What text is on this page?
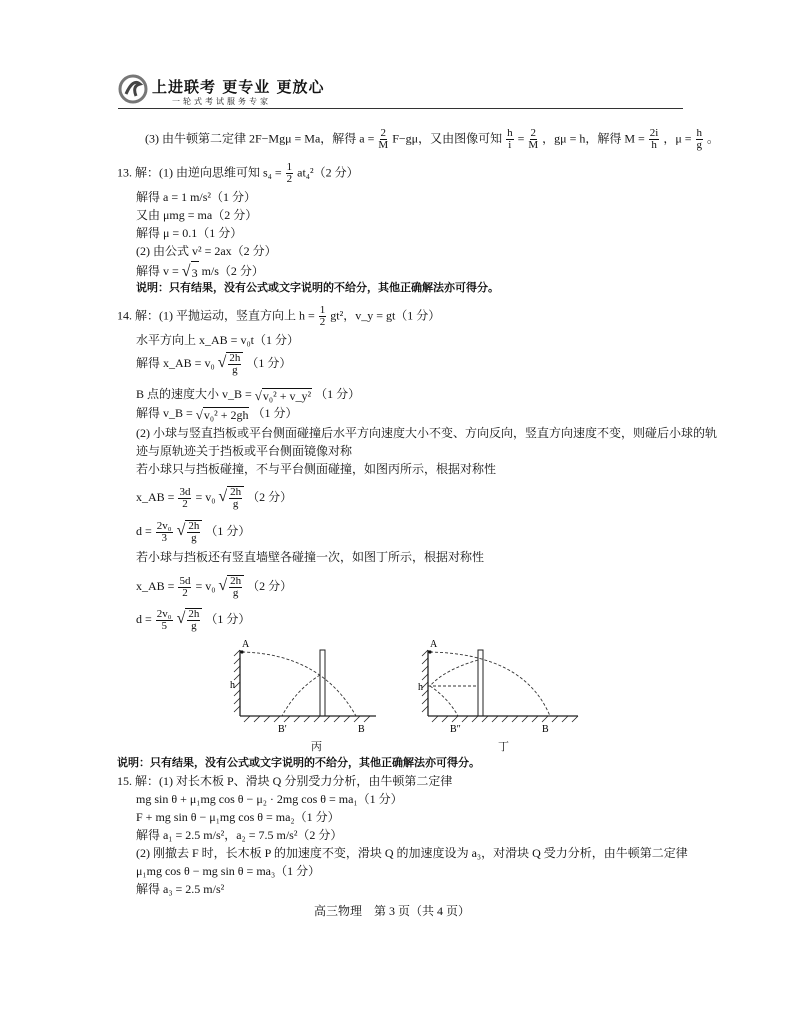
上进联考 更专业 更放心
一轮式考试服务专家
(3) 由牛顿第二定律 2F−Mgμ = Ma，解得 $a = \frac{2}{M} F-g\mu$，又由图像可知 $\frac{h}{i} = \frac{2}{M}$ ，gμ = h，解得 $M = \frac{2i}{h}$ ，$\mu = \frac{h}{g}$ 。
13. 解：(1) 由逆向思维可知 $s_4 = \frac{1}{2} at_4^2(2$ 分）
解得 a = 1 m/s²（1 分）
又由 μmg = ma（2 分）
解得 μ = 0.1（1 分）
(2) 由公式 v² = 2ax（2 分）
解得 v = √ 3 m/s（2 分）
说明：只有结果，没有公式或文字说明的不给分，其他正确解法亦可得分。
14. 解：(1) 平抛运动，竖直方向上 $h = \frac{1}{2} gt^2$，v_y = gt（1 分）
水平方向上 x_AB = v₀t（1 分）
解得 x_AB = v₀ √ $\frac{2h}{g} (1$ 分）
B 点的速度大小 v_B = √ v₀² + v_y² （1 分）
解得 v_B = √ v₀² + 2gh （1 分）
(2) 小球与竖直挡板或平台侧面碰撞后水平方向速度大小不变、方向反向，竖直方向速度不变，则碰后小球的轨
迹与原轨迹关于挡板或平台侧面镜像对称
若小球只与挡板碰撞，不与平台侧面碰撞，如图丙所示，根据对称性
x_AB = $\frac{3d}{2} = v_0$ √ $\frac{2h}{g} (2$ 分）
$d = \frac{\text{2v₀}}{3}$
√ $\frac{2h}{g} (1$ 分）
若小球与挡板还有竖直墙壁各碰撞一次，如图丁所示，根据对称性
x_AB = $\frac{5d}{2} = v_0$ √ $\frac{2h}{g} (2$ 分）
$d = \frac{\text{2v₀}}{5}$
√ $\frac{2h}{g} (1$ 分）
A
h
B′	B
丙
A
h
B″	B
丁
说明：只有结果，没有公式或文字说明的不给分，其他正确解法亦可得分。
15. 解：(1) 对长木板 P、滑块 Q 分别受力分析，由牛顿第二定律
mg sin θ + μ₁mg cos θ − μ₂ · 2mg cos θ = ma₁（1 分）
F + mg sin θ − μ₁mg cos θ = ma₂（1 分）
解得 a₁ = 2.5 m/s²，a₂ = 7.5 m/s²（2 分）
(2) 刚撤去 F 时，长木板 P 的加速度不变，滑块 Q 的加速度设为 a₃，对滑块 Q 受力分析，由牛顿第二定律
μ₁mg cos θ − mg sin θ = ma₃（1 分）
解得 a₃ = 2.5 m/s²
高三物理　第 3 页（共 4 页）
